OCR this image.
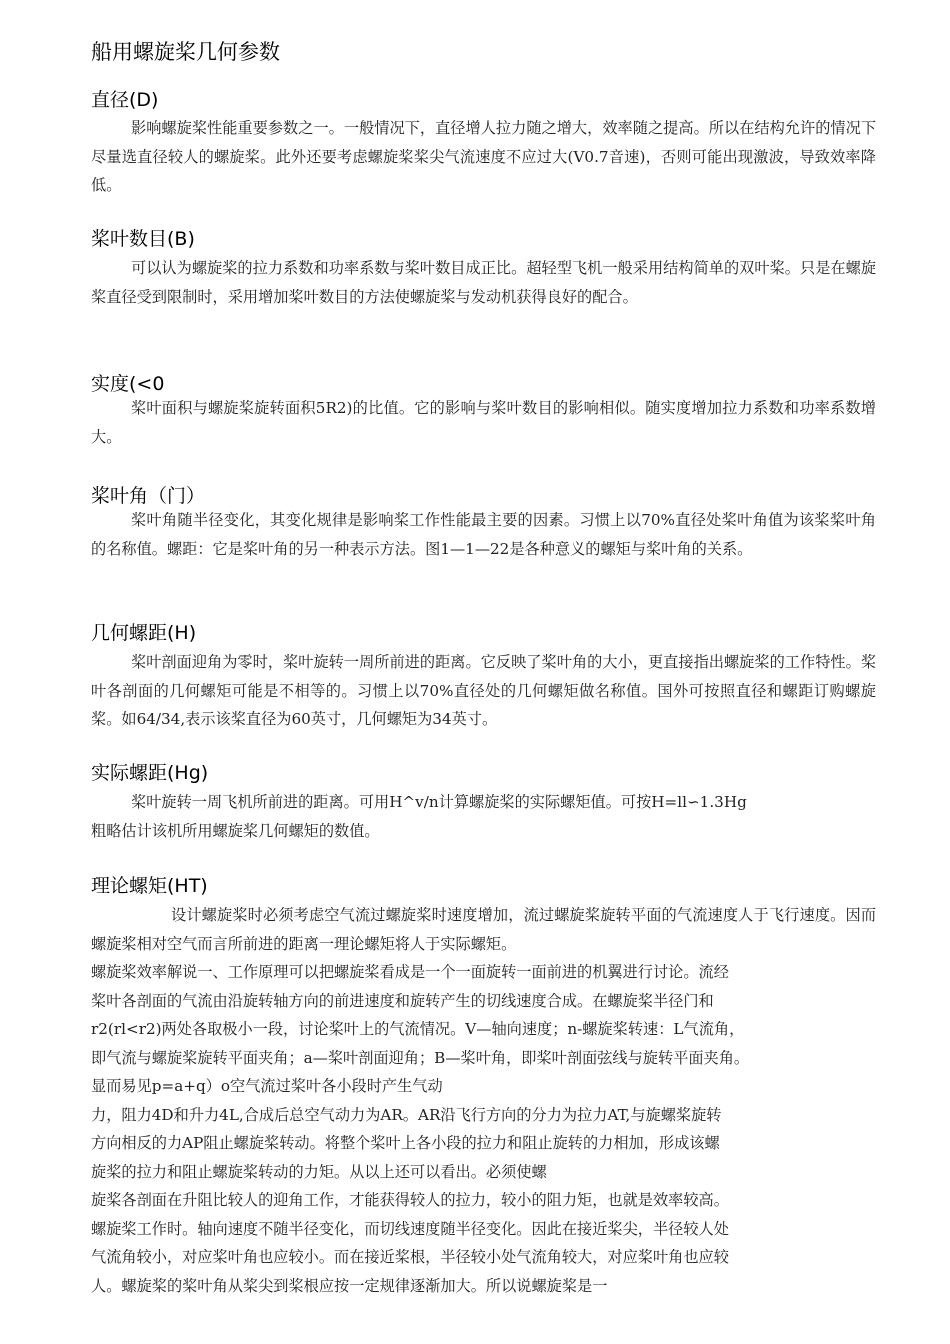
船用螺旋桨几何参数
直径(D)

影响螺旋桨性能重要参数之一。一般情况下，直径增人拉力随之增大，效率随之提高。所以在结构允许的情况下尽量选直径较人的螺旋桨。此外还要考虑螺旋桨桨尖气流速度不应过大(V0.7音速)，否则可能出现激波，导致效率降低。

桨叶数目(B)

可以认为螺旋桨的拉力系数和功率系数与桨叶数目成正比。超轻型飞机一般采用结构简单的双叶桨。只是在螺旋桨直径受到限制时，采用增加桨叶数目的方法使螺旋桨与发动机获得良好的配合。

实度(<0

桨叶面积与螺旋桨旋转面积5R2)的比值。它的影响与桨叶数目的影响相似。随实度增加拉力系数和功率系数增大。

桨叶角（门）

桨叶角随半径变化，其变化规律是影响桨工作性能最主要的因素。习惯上以70%直径处桨叶角值为该桨桨叶角的名称值。螺距：它是桨叶角的另一种表示方法。图1—1—22是各种意义的螺矩与桨叶角的关系。

几何螺距(H)

桨叶剖面迎角为零时，桨叶旋转一周所前进的距离。它反映了桨叶角的大小，更直接指出螺旋桨的工作特性。桨叶各剖面的几何螺矩可能是不相等的。习惯上以70%直径处的几何螺矩做名称值。国外可按照直径和螺距订购螺旋桨。如64/34,表示该桨直径为60英寸，几何螺矩为34英寸。

实际螺距(Hg)
桨叶旋转一周飞机所前进的距离。可用H^v/n计算螺旋桨的实际螺矩值。可按H=ll∽1.3Hg
粗略估计该机所用螺旋桨几何螺矩的数值。
理论螺矩(HT)

设计螺旋桨时必须考虑空气流过螺旋桨时速度增加，流过螺旋桨旋转平面的气流速度人于飞行速度。因而螺旋桨相对空气而言所前进的距离一理论螺矩将人于实际螺矩。

螺旋桨效率解说一、工作原理可以把螺旋桨看成是一个一面旋转一面前进的机翼进行讨论。流经
桨叶各剖面的气流由沿旋转轴方向的前进速度和旋转产生的切线速度合成。在螺旋桨半径门和
r2(rl<r2)两处各取极小一段，讨论桨叶上的气流情况。V—轴向速度；n-螺旋桨转速：L气流角，
即气流与螺旋桨旋转平面夹角；a—桨叶剖面迎角；B—桨叶角，即桨叶剖面弦线与旋转平面夹角。
显而易见p=a+q）o空气流过桨叶各小段时产生气动
力，阻力4D和升力4L,合成后总空气动力为AR。AR沿飞行方向的分力为拉力AT,与旋螺桨旋转
方向相反的力AP阻止螺旋桨转动。将整个桨叶上各小段的拉力和阻止旋转的力相加，形成该螺
旋桨的拉力和阻止螺旋桨转动的力矩。从以上还可以看出。必须使螺
旋桨各剖面在升阻比较人的迎角工作，才能获得较人的拉力，较小的阻力矩，也就是效率较高。
螺旋桨工作时。轴向速度不随半径变化，而切线速度随半径变化。因此在接近桨尖，半径较人处
气流角较小，对应桨叶角也应较小。而在接近桨根，半径较小处气流角较大，对应桨叶角也应较
人。螺旋桨的桨叶角从桨尖到桨根应按一定规律逐渐加大。所以说螺旋桨是一
